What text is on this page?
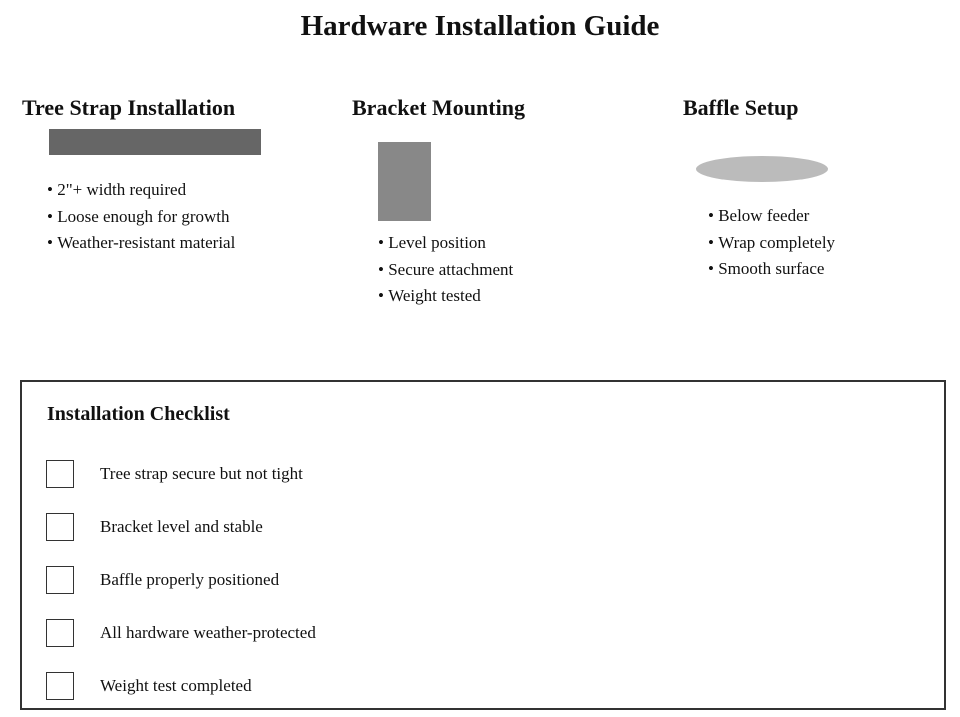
Hardware Installation Guide
Tree Strap Installation
• 2"+ width required
• Loose enough for growth
• Weather-resistant material
Bracket Mounting
• Level position
• Secure attachment
• Weight tested
Baffle Setup
• Below feeder
• Wrap completely
• Smooth surface
Installation Checklist
Tree strap secure but not tight
Bracket level and stable
Baffle properly positioned
All hardware weather-protected
Weight test completed
